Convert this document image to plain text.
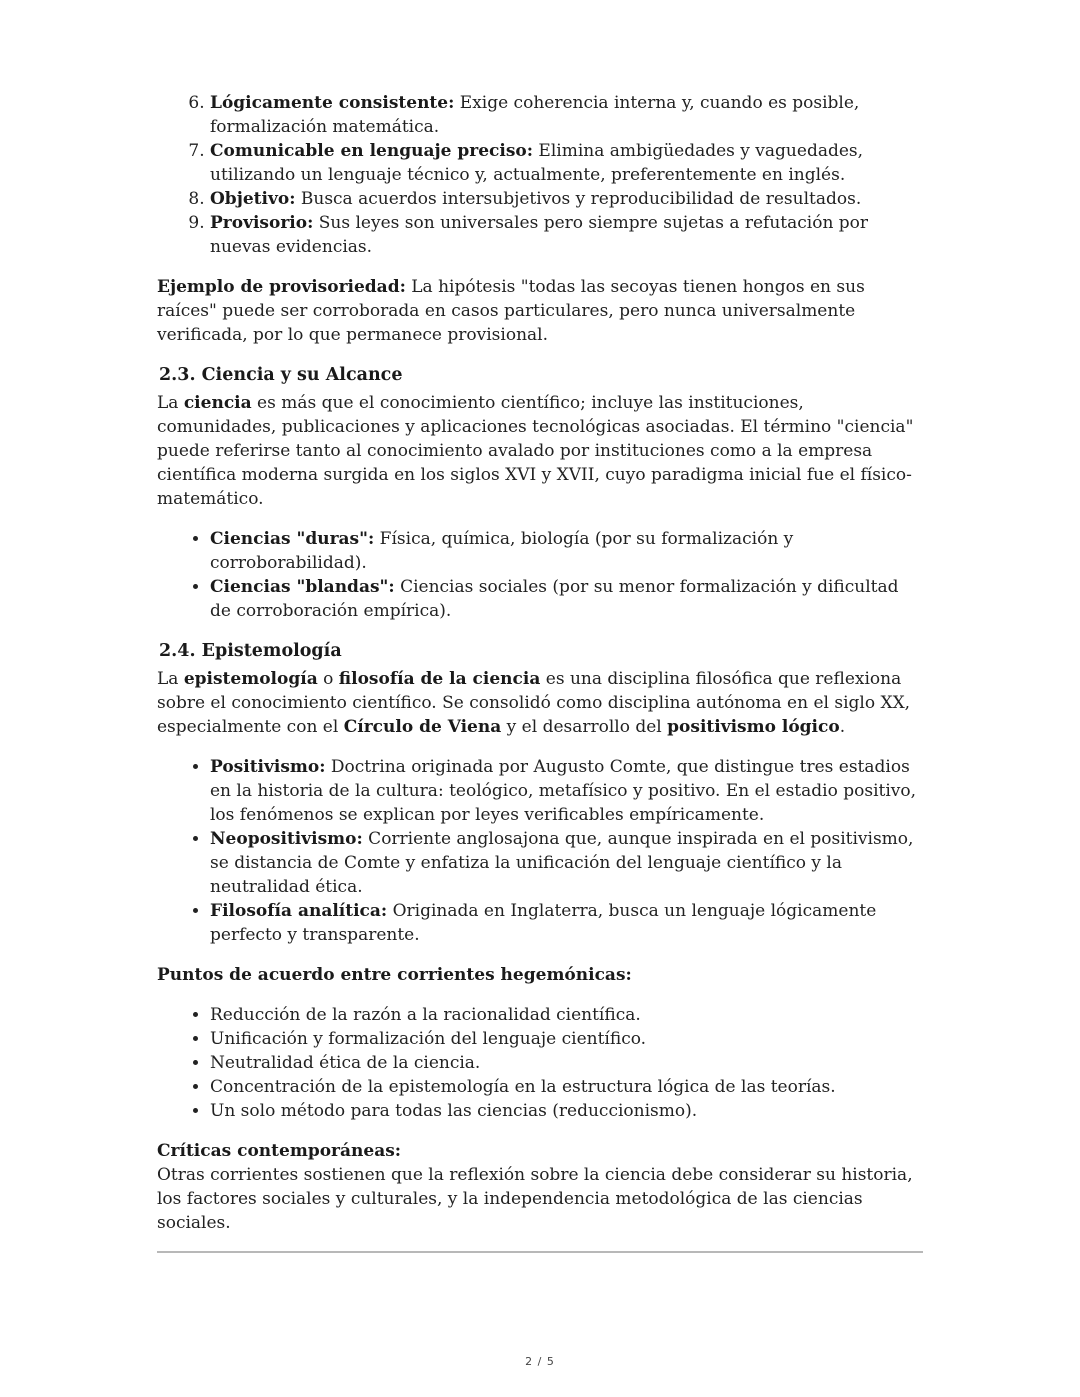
6. Lógicamente consistente: Exige coherencia interna y, cuando es posible, formalización matemática.
7. Comunicable en lenguaje preciso: Elimina ambigüedades y vaguedades, utilizando un lenguaje técnico y, actualmente, preferentemente en inglés.
8. Objetivo: Busca acuerdos intersubjetivos y reproducibilidad de resultados.
9. Provisorio: Sus leyes son universales pero siempre sujetas a refutación por nuevas evidencias.

Ejemplo de provisoriedad: La hipótesis "todas las secoyas tienen hongos en sus raíces" puede ser corroborada en casos particulares, pero nunca universalmente verificada, por lo que permanece provisional.

2.3. Ciencia y su Alcance

La ciencia es más que el conocimiento científico; incluye las instituciones, comunidades, publicaciones y aplicaciones tecnológicas asociadas. El término "ciencia" puede referirse tanto al conocimiento avalado por instituciones como a la empresa científica moderna surgida en los siglos XVI y XVII, cuyo paradigma inicial fue el físico-matemático.

• Ciencias "duras": Física, química, biología (por su formalización y corroborabilidad).
• Ciencias "blandas": Ciencias sociales (por su menor formalización y dificultad de corroboración empírica).
2.4. Epistemología

La epistemología o filosofía de la ciencia es una disciplina filosófica que reflexiona sobre el conocimiento científico. Se consolidó como disciplina autónoma en el siglo XX, especialmente con el Círculo de Viena y el desarrollo del positivismo lógico.

• Positivismo: Doctrina originada por Augusto Comte, que distingue tres estadios en la historia de la cultura: teológico, metafísico y positivo. En el estadio positivo, los fenómenos se explican por leyes verificables empíricamente.
• Neopositivismo: Corriente anglosajona que, aunque inspirada en el positivismo, se distancia de Comte y enfatiza la unificación del lenguaje científico y la neutralidad ética.
• Filosofía analítica: Originada en Inglaterra, busca un lenguaje lógicamente perfecto y transparente.

Puntos de acuerdo entre corrientes hegemónicas:

• Reducción de la razón a la racionalidad científica.
• Unificación y formalización del lenguaje científico.
• Neutralidad ética de la ciencia.
• Concentración de la epistemología en la estructura lógica de las teorías.
• Un solo método para todas las ciencias (reduccionismo).
Críticas contemporáneas:
Otras corrientes sostienen que la reflexión sobre la ciencia debe considerar su historia, los factores sociales y culturales, y la independencia metodológica de las ciencias sociales.
2 / 5
